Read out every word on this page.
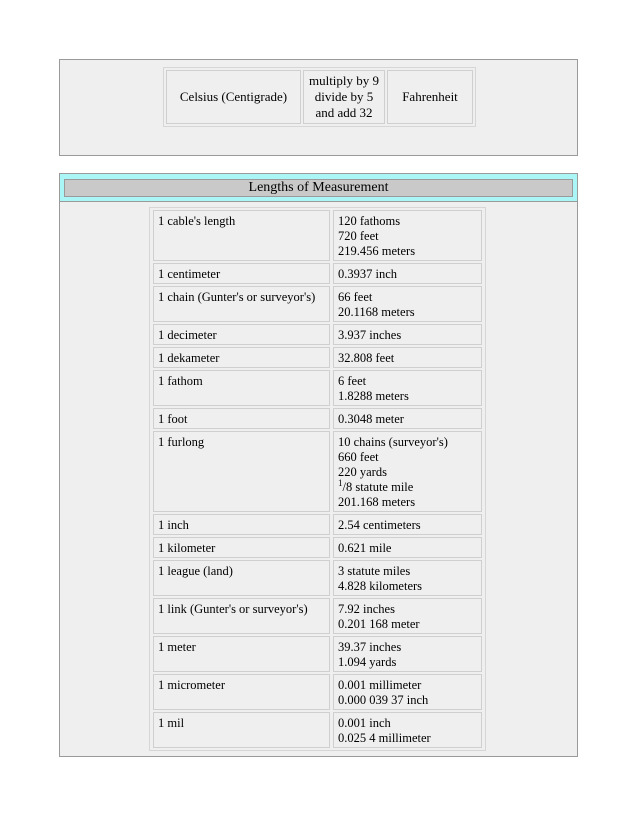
Celsius (Centigrade)	multiply by 9
divide by 5
and add 32	Fahrenheit
Lengths of Measurement
1 cable's length	120 fathoms
720 feet
219.456 meters

1 centimeter	0.3937 inch

1 chain (Gunter's or surveyor's)	66 feet
20.1168 meters

1 decimeter	3.937 inches

1 dekameter	32.808 feet

1 fathom	6 feet
1.8288 meters

1 foot	0.3048 meter

1 furlong	10 chains (surveyor's)
660 feet
220 yards
$^1$/8 statute mile
201.168 meters

1 inch	2.54 centimeters

1 kilometer	0.621 mile

1 league (land)	3 statute miles
4.828 kilometers

1 link (Gunter's or surveyor's)	7.92 inches
0.201 168 meter

1 meter	39.37 inches
1.094 yards

1 micrometer	0.001 millimeter
0.000 039 37 inch

1 mil	0.001 inch
0.025 4 millimeter
